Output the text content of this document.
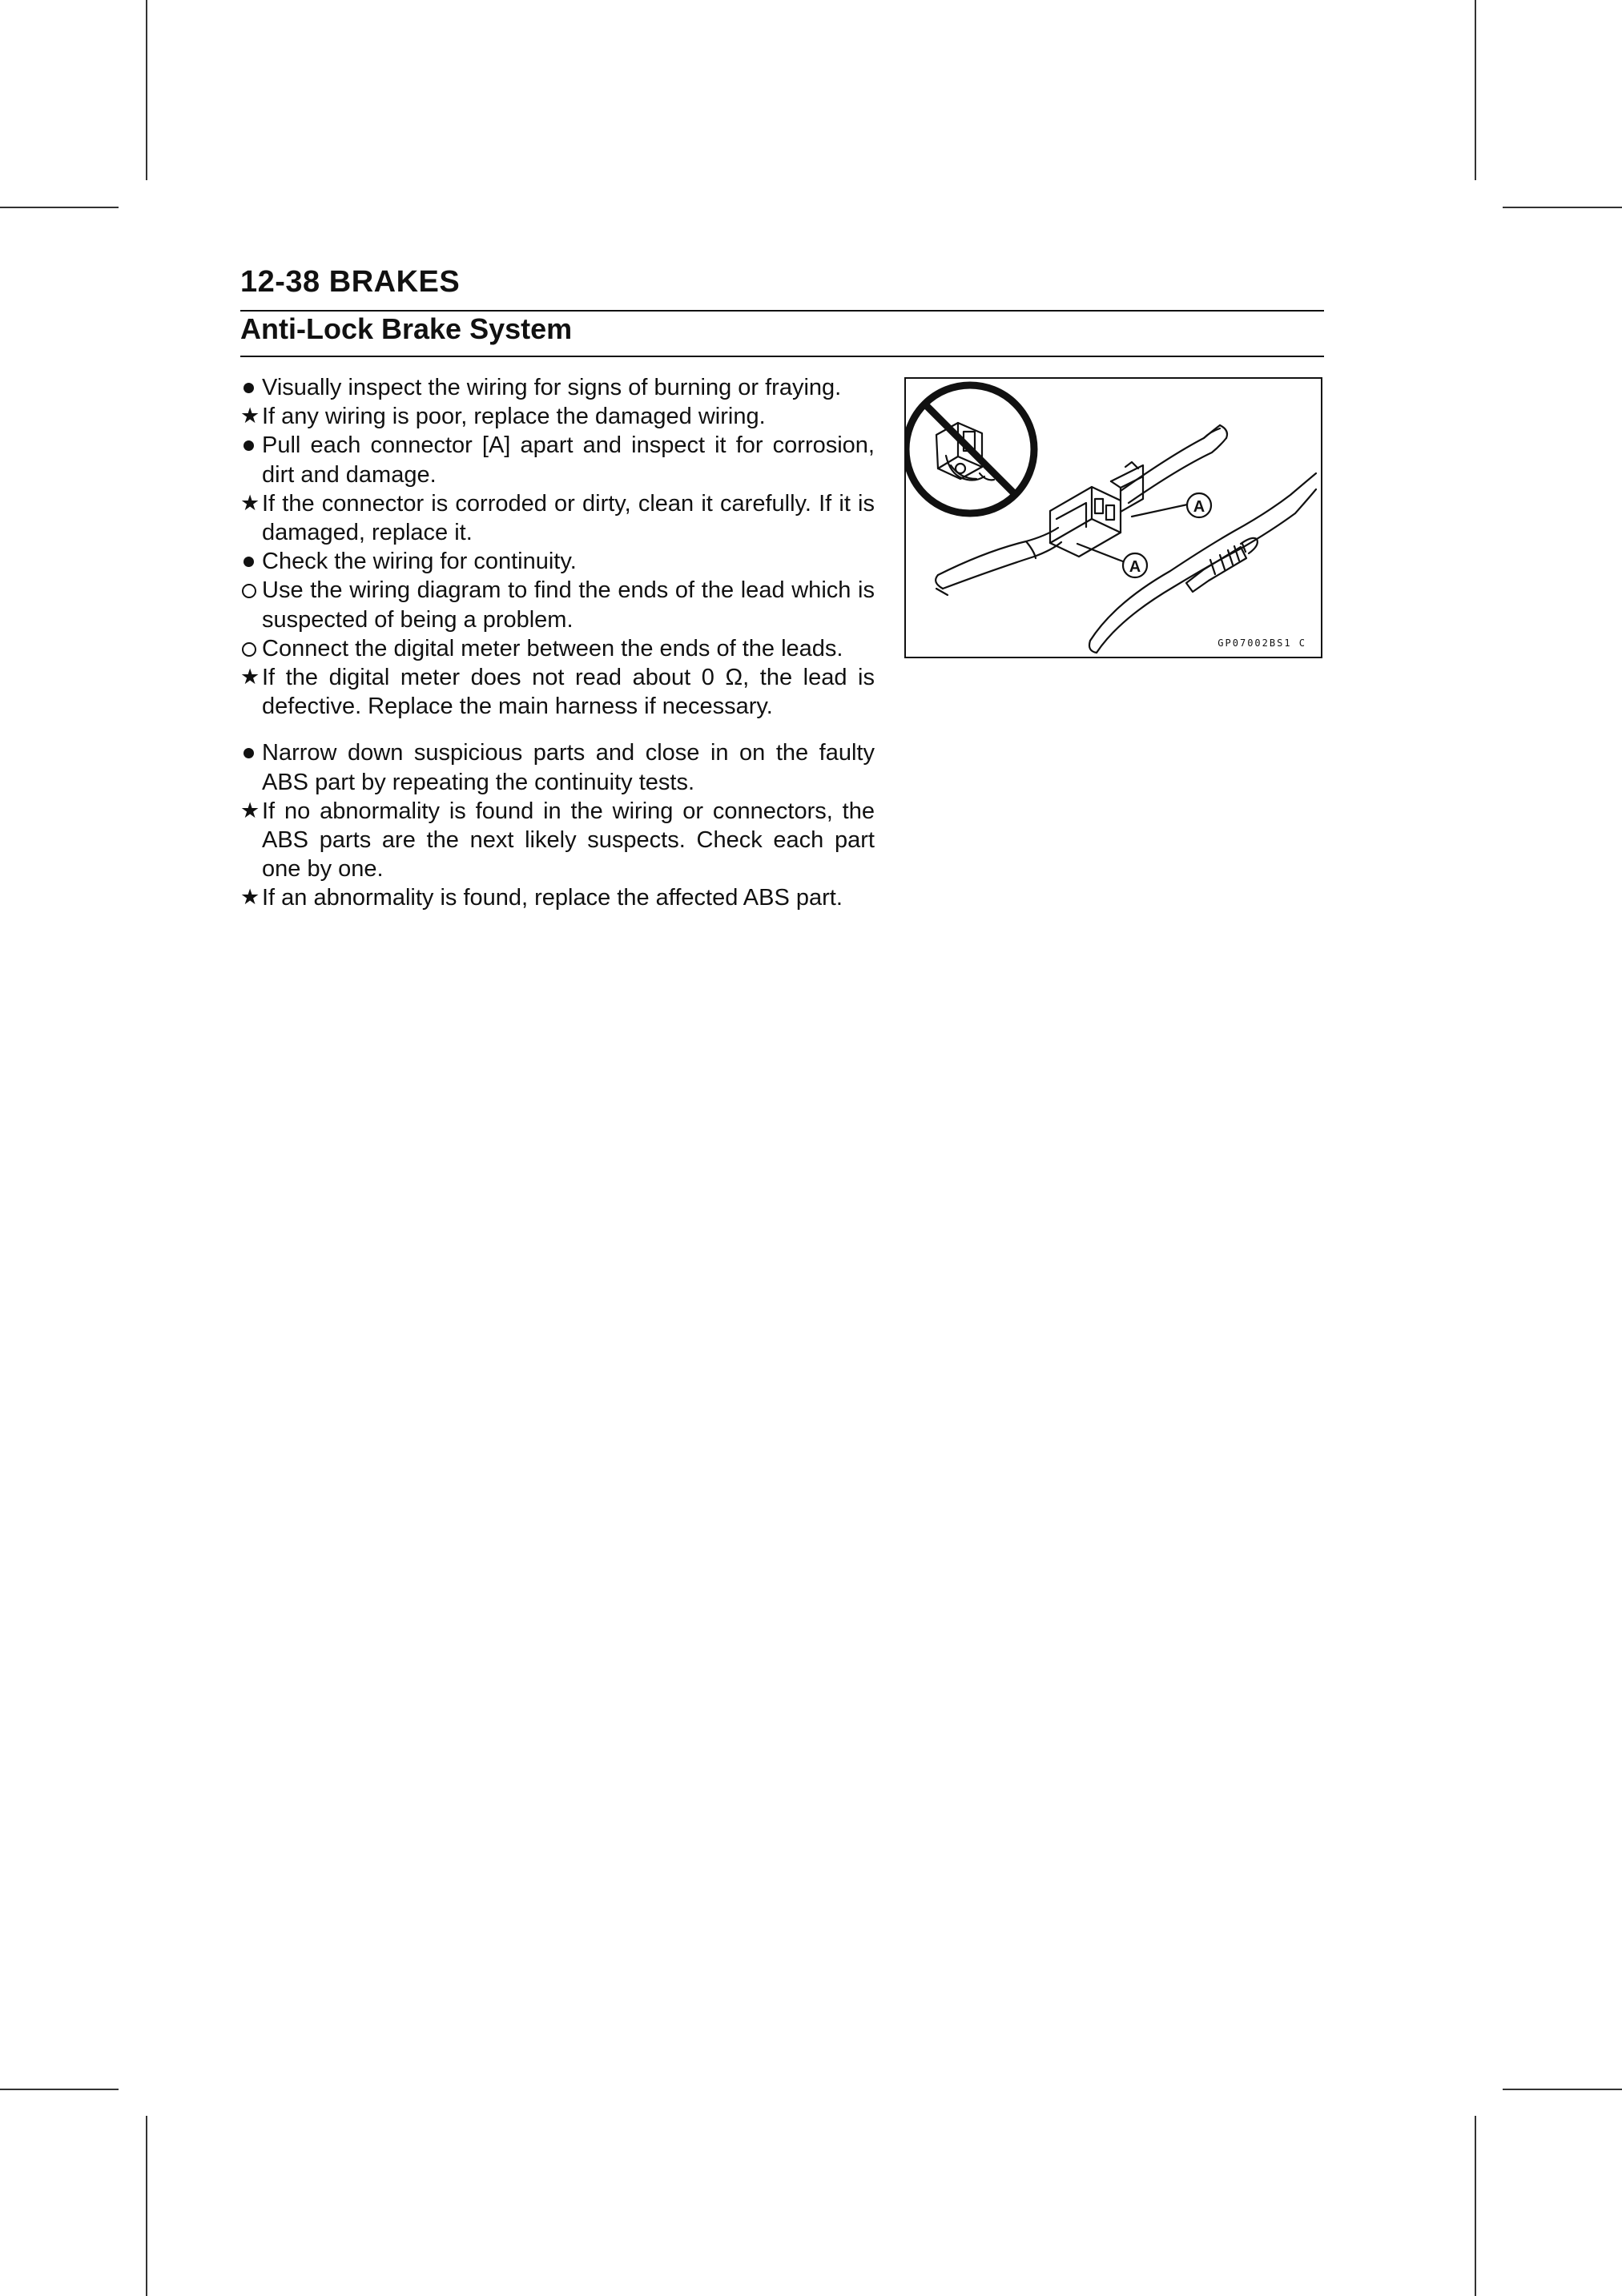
12-38 BRAKES
Anti-Lock Brake System
Visually inspect the wiring for signs of burning or fraying.
If any wiring is poor, replace the damaged wiring.
Pull each connector [A] apart and inspect it for corrosion, dirt and damage.
If the connector is corroded or dirty, clean it carefully. If it is damaged, replace it.
Check the wiring for continuity.
Use the wiring diagram to find the ends of the lead which is suspected of being a problem.
Connect the digital meter between the ends of the leads.
If the digital meter does not read about 0 Ω, the lead is defective. Replace the main harness if necessary.
Narrow down suspicious parts and close in on the faulty ABS part by repeating the continuity tests.
If no abnormality is found in the wiring or connectors, the ABS parts are the next likely suspects. Check each part one by one.
If an abnormality is found, replace the affected ABS part.
A
A
GP07002BS1 C
